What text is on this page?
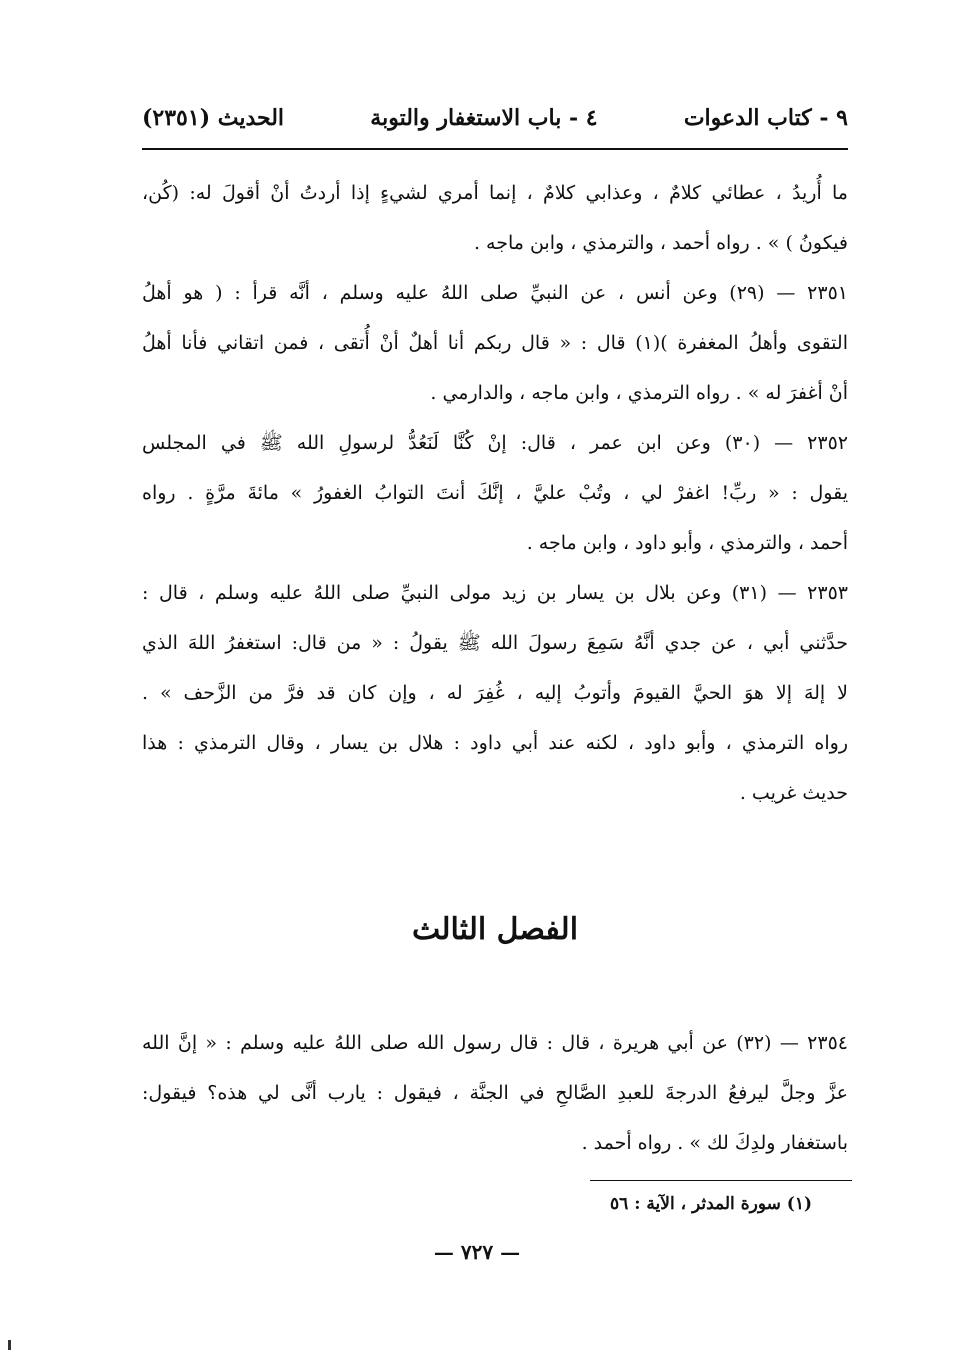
٩ - كتاب الدعوات
٤ - باب الاستغفار والتوبة
الحديث (٢٣٥١)
ما أُريدُ ، عطائي كلامٌ ، وعذابي كلامٌ ، إنما أمري لشيءٍ إذا أردتُ أنْ أقولَ له: (كُن،
فيكونُ ) » . رواه أحمد ، والترمذي ، وابن ماجه .
٢٣٥١ — (٢٩) وعن أنس ، عن النبيِّ صلى اللهُ عليه وسلم ، أنَّه قرأ : ( هو أهلُ
التقوى وأهلُ المغفرة )(١) قال : « قال ربكم أنا أهلٌ أنْ أُتقى ، فمن اتقاني فأنا أهلُ
أنْ أغفرَ له » . رواه الترمذي ، وابن ماجه ، والدارمي .
٢٣٥٢ — (٣٠) وعن ابن عمر ، قال: إنْ كُنَّا لَنَعُدُّ لرسولِ الله ﷺ في المجلس
يقول : « ربِّ! اغفرْ لي ، وتُبْ عليَّ ، إنَّكَ أنتَ التوابُ الغفورُ » مائةَ مرَّةٍ . رواه
أحمد ، والترمذي ، وأبو داود ، وابن ماجه .
٢٣٥٣ — (٣١) وعن بلال بن يسار بن زيد مولى النبيِّ صلى اللهُ عليه وسلم ، قال :
حدَّثني أبي ، عن جدي أنَّهُ سَمِعَ رسولَ الله ﷺ يقولُ : « من قال: استغفرُ اللهَ الذي
لا إلهَ إلا هوَ الحيَّ القيومَ وأتوبُ إليه ، غُفِرَ له ، وإن كان قد فرَّ من الزَّحف » .
رواه الترمذي ، وأبو داود ، لكنه عند أبي داود : هلال بن يسار ، وقال الترمذي : هذا
حديث غريب .
الفصل الثالث
٢٣٥٤ — (٣٢) عن أبي هريرة ، قال : قال رسول الله صلى اللهُ عليه وسلم : « إنَّ الله
عزَّ وجلَّ ليرفعُ الدرجةَ للعبدِ الصَّالحِ في الجنَّة ، فيقول : يارب أنَّى لي هذه؟ فيقول:
باستغفار ولدِكَ لك » . رواه أحمد .
(١) سورة المدثر ، الآية : ٥٦
— ٧٢٧ —
